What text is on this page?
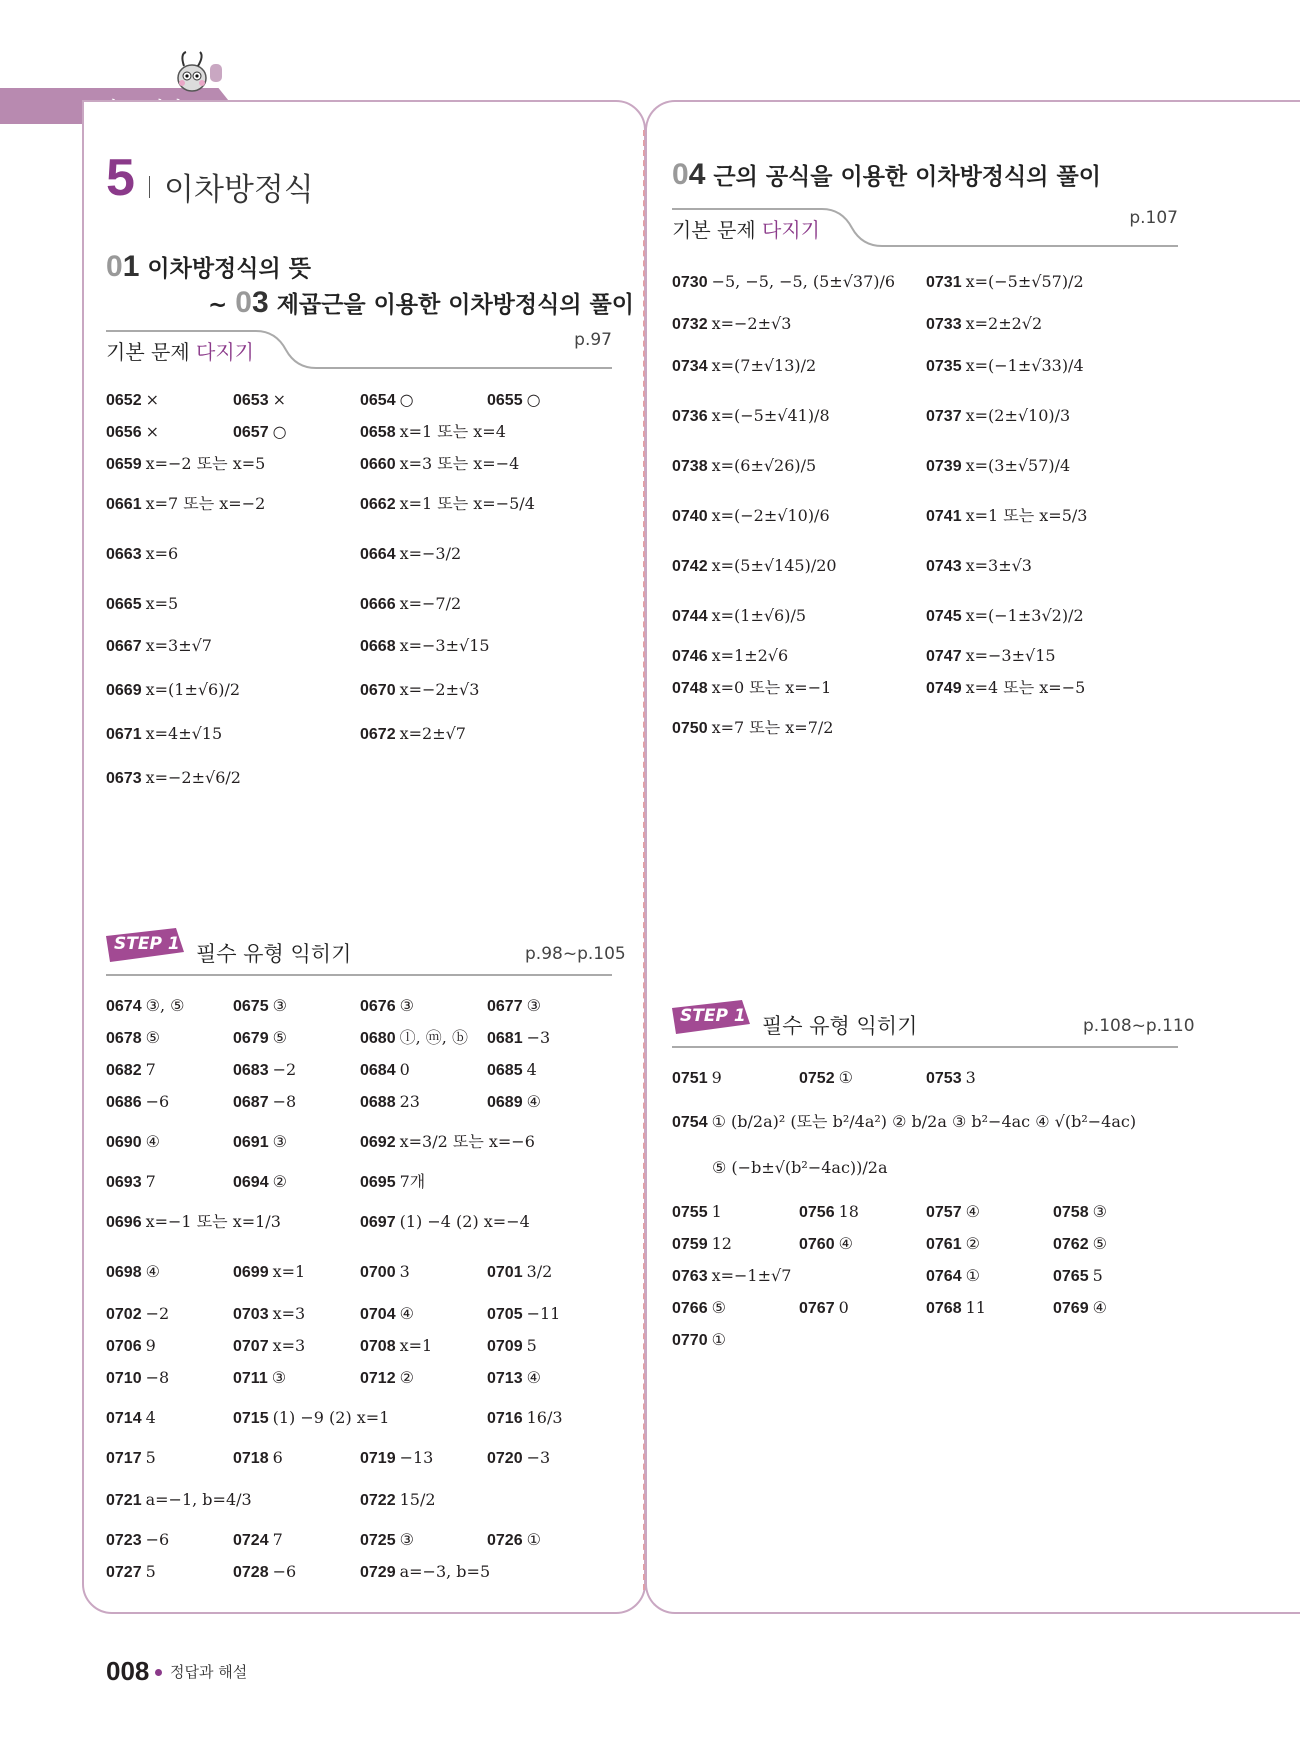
5 이차방정식
01 이차방정식의 뜻
~ 03 제곱근을 이용한 이차방정식의 풀이
기본 문제 다지기	p.97
STEP 1 필수 유형 익히기	p.98~p.105
04 근의 공식을 이용한 이차방정식의 풀이
기본 문제 다지기	p.107
STEP 1 필수 유형 익히기	p.108~p.110
0652 ×	0653 ×	0654 ○	0655 ○
0656 ×	0657 ○	0658 x=1 또는 x=4
0659 x=−2 또는 x=5	0660 x=3 또는 x=−4
0661 x=7 또는 x=−2	0662 x=1 또는 x=−5/4
0663 x=6	0664 x=−3/2
0665 x=5	0666 x=−7/2
0667 x=3±√7	0668 x=−3±√15
0669 x=(1±√6)/2	0670 x=−2±√3
0671 x=4±√15	0672 x=2±√7
0673 x=−2±√6/2
0674 ③, ⑤	0675 ③	0676 ③	0677 ③
0678 ⑤	0679 ⑤	0680 ⓛ, ⓜ, ⓑ 0681 −3
0682 7	0683 −2	0684 0	0685 4
0686 −6	0687 −8	0688 23	0689 ④
0690 ④	0691 ③	0692 x=3/2 또는 x=−6
0693 7	0694 ②	0695 7개
0696 x=−1 또는 x=1/3	0697 (1) −4 (2) x=−4
0698 ④	0699 x=1	0700 3	0701 3/2
0702 −2	0703 x=3	0704 ④	0705 −11
0706 9	0707 x=3	0708 x=1	0709 5
0710 −8	0711 ③	0712 ②	0713 ④
0714 4	0715 (1) −9 (2) x=1	0716 16/3
0717 5	0718 6	0719 −13	0720 −3
0721 a=−1, b=4/3	0722 15/2
0723 −6	0724 7	0725 ③	0726 ①
0727 5	0728 −6	0729 a=−3, b=5
0730 −5, −5, −5, (5±√37)/6 0731 x=(−5±√57)/2
0732 x=−2±√3	0733 x=2±2√2
0734 x=(7±√13)/2	0735 x=(−1±√33)/4
0736 x=(−5±√41)/8	0737 x=(2±√10)/3
0738 x=(6±√26)/5	0739 x=(3±√57)/4
0740 x=(−2±√10)/6	0741 x=1 또는 x=5/3
0742 x=(5±√145)/20	0743 x=3±√3
0744 x=(1±√6)/5	0745 x=(−1±3√2)/2
0746 x=1±2√6	0747 x=−3±√15
0748 x=0 또는 x=−1	0749 x=4 또는 x=−5
0750 x=7 또는 x=7/2
0751 9	0752 ①	0753 3
0754 ① (b/2a)² (또는 b²/4a²) ② b/2a ③ b²−4ac ④ √(b²−4ac)
⑤ (−b±√(b²−4ac))/2a
0755 1	0756 18	0757 ④	0758 ③
0759 12	0760 ④	0761 ②	0762 ⑤
0763 x=−1±√7	0764 ①	0765 5
0766 ⑤	0767 0	0768 11	0769 ④
0770 ①
008 정답과 해설
